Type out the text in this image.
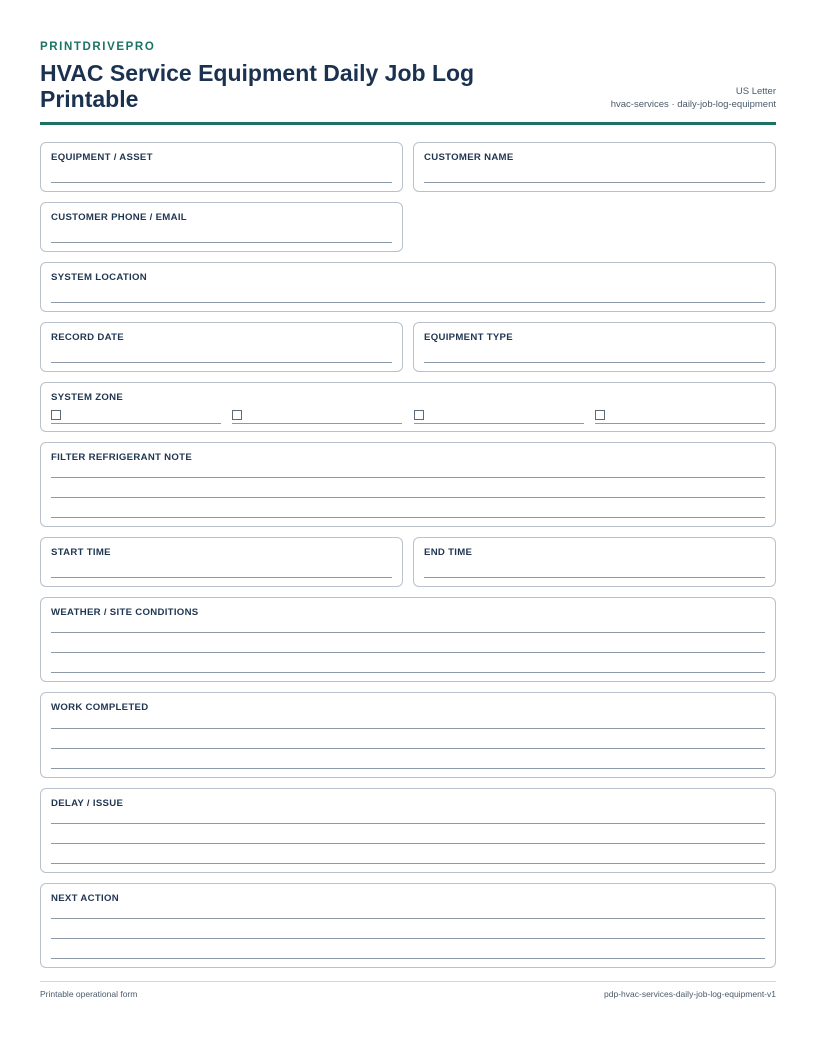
PRINTDRIVEPRO
HVAC Service Equipment Daily Job Log Printable	US Letter
hvac-services · daily-job-log-equipment
EQUIPMENT / ASSET	CUSTOMER NAME
CUSTOMER PHONE / EMAIL
SYSTEM LOCATION
RECORD DATE	EQUIPMENT TYPE
SYSTEM ZONE
FILTER REFRIGERANT NOTE
START TIME	END TIME
WEATHER / SITE CONDITIONS
WORK COMPLETED
DELAY / ISSUE
NEXT ACTION
Printable operational form	pdp-hvac-services-daily-job-log-equipment-v1
